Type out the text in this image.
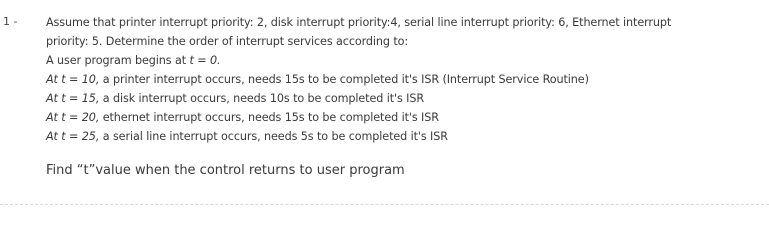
1 -	Assume that printer interrupt priority: 2, disk interrupt priority:4, serial line interrupt priority: 6, Ethernet interrupt
priority: 5. Determine the order of interrupt services according to:
A user program begins at t = 0.
At t = 10, a printer interrupt occurs, needs 15s to be completed it's ISR (Interrupt Service Routine)
At t = 15, a disk interrupt occurs, needs 10s to be completed it's ISR
At t = 20, ethernet interrupt occurs, needs 15s to be completed it's ISR
At t = 25, a serial line interrupt occurs, needs 5s to be completed it's ISR
Find “t”value when the control returns to user program
